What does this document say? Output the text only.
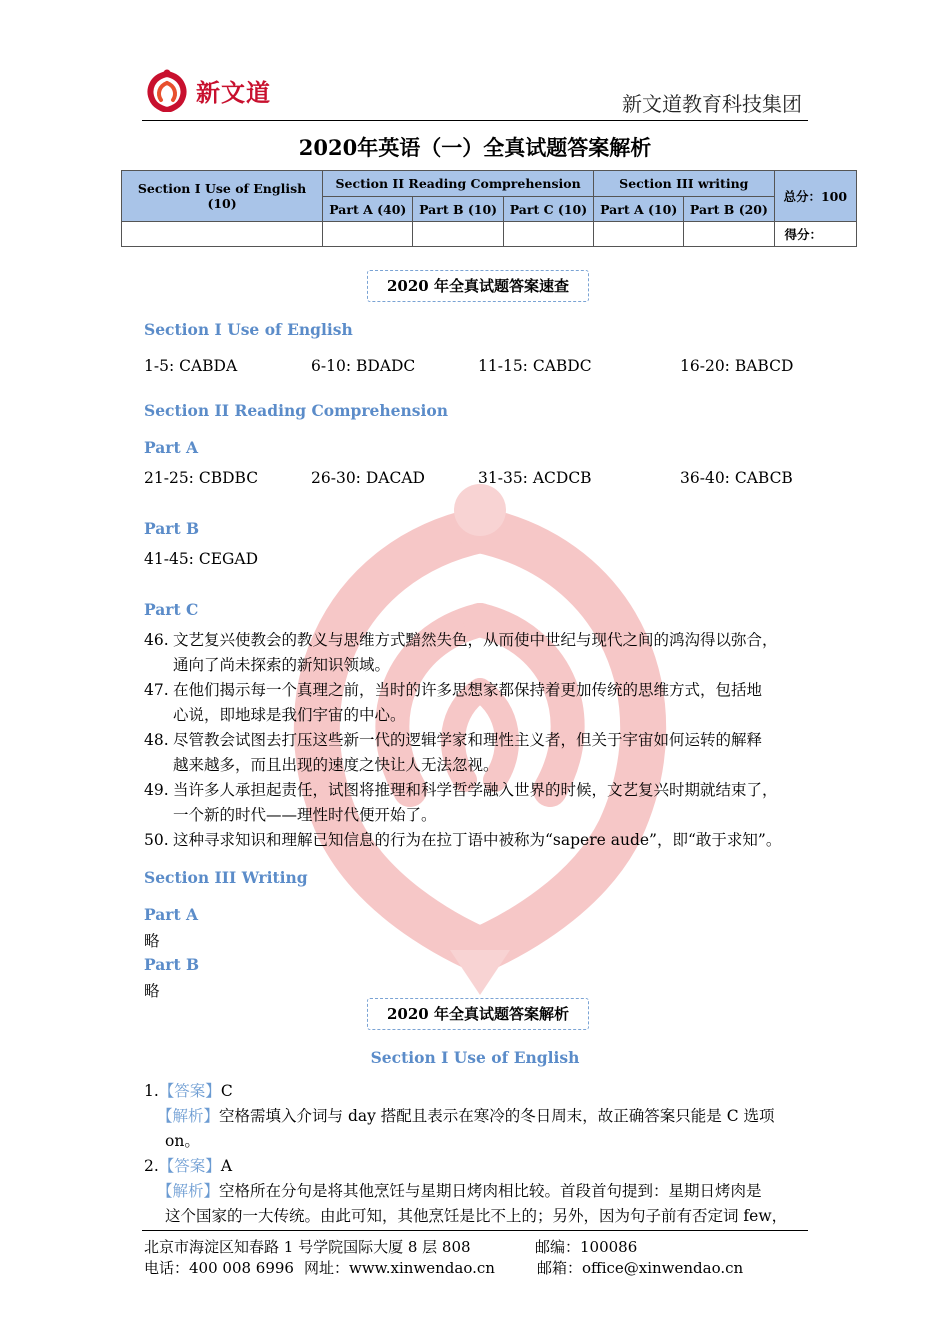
新文道	新文道教育科技集团
2020年英语（一）全真试题答案解析
Section I Use of English (10)	Section II Reading Comprehension			Section III writing		总分：100
	Part A (40)	Part B (10)	Part C (10)	Part A (10)	Part B (20)	
						得分：
2020 年全真试题答案速查
Section I Use of English
1-5: CABDA	6-10: BDADC	11-15: CABDC	16-20: BABCD
Section II Reading Comprehension
Part A
21-25: CBDBC	26-30: DACAD	31-35: ACDCB	36-40: CABCB
Part B
41-45: CEGAD
Part C
46. 文艺复兴使教会的教义与思维方式黯然失色，从而使中世纪与现代之间的鸿沟得以弥合，
通向了尚未探索的新知识领域。
47. 在他们揭示每一个真理之前，当时的许多思想家都保持着更加传统的思维方式，包括地
心说，即地球是我们宇宙的中心。
48. 尽管教会试图去打压这些新一代的逻辑学家和理性主义者，但关于宇宙如何运转的解释
越来越多，而且出现的速度之快让人无法忽视。
49. 当许多人承担起责任，试图将推理和科学哲学融入世界的时候，文艺复兴时期就结束了，
一个新的时代——理性时代便开始了。
50. 这种寻求知识和理解已知信息的行为在拉丁语中被称为“sapere aude”，即“敢于求知”。
Section III Writing
Part A
略
Part B
略
2020 年全真试题答案解析
Section I Use of English
1.【答案】C
【解析】空格需填入介词与 day 搭配且表示在寒冷的冬日周末，故正确答案只能是 C 选项
on。
2.【答案】A
【解析】空格所在分句是将其他烹饪与星期日烤肉相比较。首段首句提到：星期日烤肉是
这个国家的一大传统。由此可知，其他烹饪是比不上的；另外，因为句子前有否定词 few，
北京市海淀区知春路 1 号学院国际大厦 8 层 808	邮编：100086
电话：400 008 6996 网址：www.xinwendao.cn	邮箱：office@xinwendao.cn
